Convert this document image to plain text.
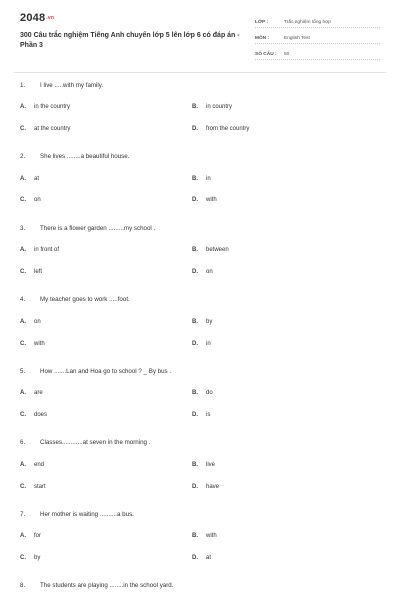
2048.vn
300 Câu trắc nghiệm Tiếng Anh chuyển lớp 5 lên lớp 6 có đáp án - Phần 3
LỚP :	Trắc nghiệm tổng hợp
MÔN :	English Test
SỐ CÂU :	50
1.	I live .....with my family.
A. in the country	B. in country
C. at the country	D. from the country
2.	She lives ........a beautiful house.
A. at	B. in
C. on	D. with
3.	There is a flower garden .........my school .
A. in front of	B. between
C. left	D. on
4.	My teacher goes to work .....foot.
A. on	B. by
C. with	D. in
5.	How .......Lan and Hoa go to school ? _ By bus .
A. are	B. do
C. does	D. is
6.	Classes............at seven in the morning .
A. end	B. live
C. start	D. have
7.	Her mother is waiting ..........a bus.
A. for	B. with
C. by	D. at
8.	The students are playing ........in the school yard.
